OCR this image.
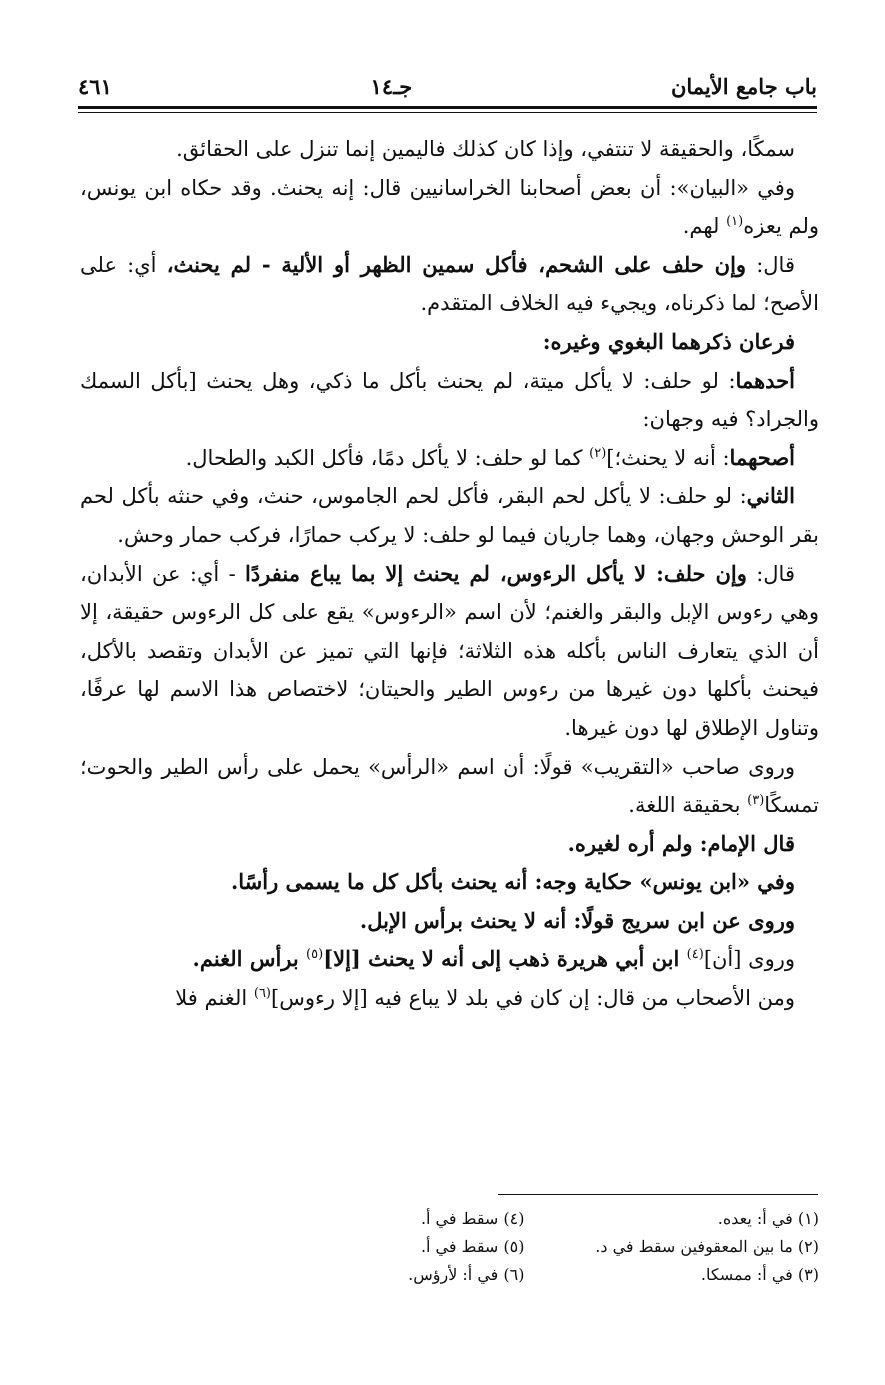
باب جامع الأيمان
جـ١٤
٤٦١

سمكًا، والحقيقة لا تنتفي، وإذا كان كذلك فاليمين إنما تنزل على الحقائق.

وفي «البيان»: أن بعض أصحابنا الخراسانيين قال: إنه يحنث. وقد حكاه ابن يونس، ولم يعزه$^{(١)}$ لهم.

قال: وإن حلف على الشحم، فأكل سمين الظهر أو الألية - لم يحنث، أي: على الأصح؛ لما ذكرناه، ويجيء فيه الخلاف المتقدم.

فرعان ذكرهما البغوي وغيره:

أحدهما: لو حلف: لا يأكل ميتة، لم يحنث بأكل ما ذكي، وهل يحنث [بأكل السمك والجراد؟ فيه وجهان:

أصحهما: أنه لا يحنث؛]$^{(٢)}$ كما لو حلف: لا يأكل دمًا، فأكل الكبد والطحال.

الثاني: لو حلف: لا يأكل لحم البقر، فأكل لحم الجاموس، حنث، وفي حنثه بأكل لحم بقر الوحش وجهان، وهما جاريان فيما لو حلف: لا يركب حمارًا، فركب حمار وحش.

قال: وإن حلف: لا يأكل الرءوس، لم يحنث إلا بما يباع منفردًا - أي: عن الأبدان، وهي رءوس الإبل والبقر والغنم؛ لأن اسم «الرءوس» يقع على كل الرءوس حقيقة، إلا أن الذي يتعارف الناس بأكله هذه الثلاثة؛ فإنها التي تميز عن الأبدان وتقصد بالأكل، فيحنث بأكلها دون غيرها من رءوس الطير والحيتان؛ لاختصاص هذا الاسم لها عرفًا، وتناول الإطلاق لها دون غيرها.

وروى صاحب «التقريب» قولًا: أن اسم «الرأس» يحمل على رأس الطير والحوت؛ تمسكًا$^{(٣)}$ بحقيقة اللغة.

قال الإمام: ولم أره لغيره.

وفي «ابن يونس» حكاية وجه: أنه يحنث بأكل كل ما يسمى رأسًا.

وروى عن ابن سريج قولًا: أنه لا يحنث برأس الإبل.

وروى [أن]$^{(٤)}$ ابن أبي هريرة ذهب إلى أنه لا يحنث [إلا]$^{(٥)}$ برأس الغنم.

ومن الأصحاب من قال: إن كان في بلد لا يباع فيه [إلا رءوس]$^{(٦)}$ الغنم فلا

(١) في أ: يعده.
(٤) سقط في أ.
(٢) ما بين المعقوفين سقط في د.
(٥) سقط في أ.
(٣) في أ: ممسكا.
(٦) في أ: لأرؤس.
